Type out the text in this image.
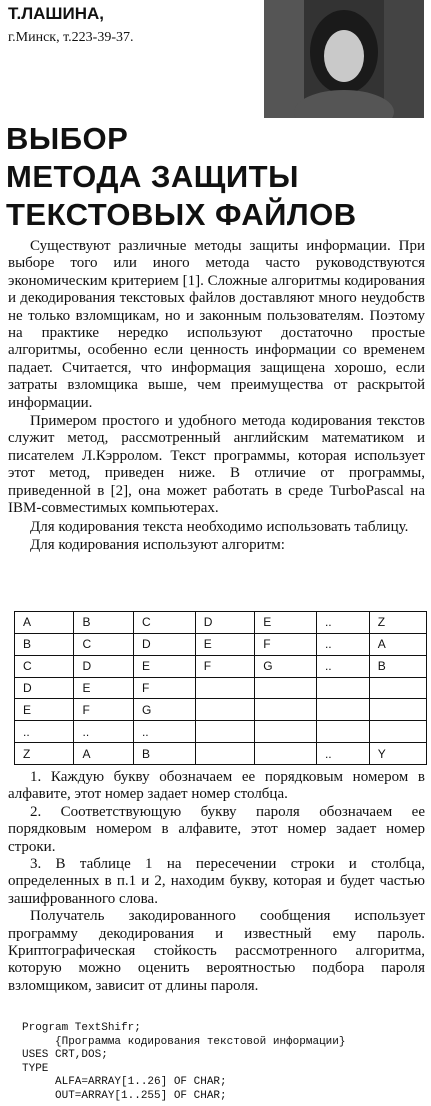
Т.ЛАШИНА,
г.Минск, т.223-39-37.
ВЫБОР
МЕТОДА ЗАЩИТЫ
ТЕКСТОВЫХ ФАЙЛОВ

Существуют различные методы защиты информации. При выборе того или иного метода часто руководствуются экономическим критерием [1]. Сложные алгоритмы кодирования и декодирования текстовых файлов доставляют много неудобств не только взломщикам, но и законным пользователям. Поэтому на практике нередко используют достаточно простые алгоритмы, особенно если ценность информации со временем падает. Считается, что информация защищена хорошо, если затраты взломщика выше, чем преимущества от раскрытой информации.

Примером простого и удобного метода кодирования текстов служит метод, рассмотренный английским математиком и писателем Л.Кэрролом. Текст программы, которая использует этот метод, приведен ниже. В отличие от программы, приведенной в [2], она может работать в среде TurboPascal на IBM-совместимых компьютерах.

Для кодирования текста необходимо использовать таблицу.

Для кодирования используют алгоритм:

A	B	C	D	E	..	Z
B	C	D	E	F	..	A
C	D	E	F	G	..	B
D	E	F				
E	F	G				
..	..	..				
Z	A	B			..	Y

1. Каждую букву обозначаем ее порядковым номером в алфавите, этот номер задает номер столбца.

2. Соответствующую букву пароля обозначаем ее порядковым номером в алфавите, этот номер задает номер строки.

3. В таблице 1 на пересечении строки и столбца, определенных в п.1 и 2, находим букву, которая и будет частью зашифрованного слова.

Получатель закодированного сообщения использует программу декодирования и известный ему пароль. Криптографическая стойкость рассмотренного алгоритма, которую можно оценить вероятностью подбора пароля взломщиком, зависит от длины пароля.

Program TextShifr;
{Программа кодирования текстовой информации}
USES CRT,DOS;
TYPE
ALFA=ARRAY[1..26] OF CHAR;
OUT=ARRAY[1..255] OF CHAR;
